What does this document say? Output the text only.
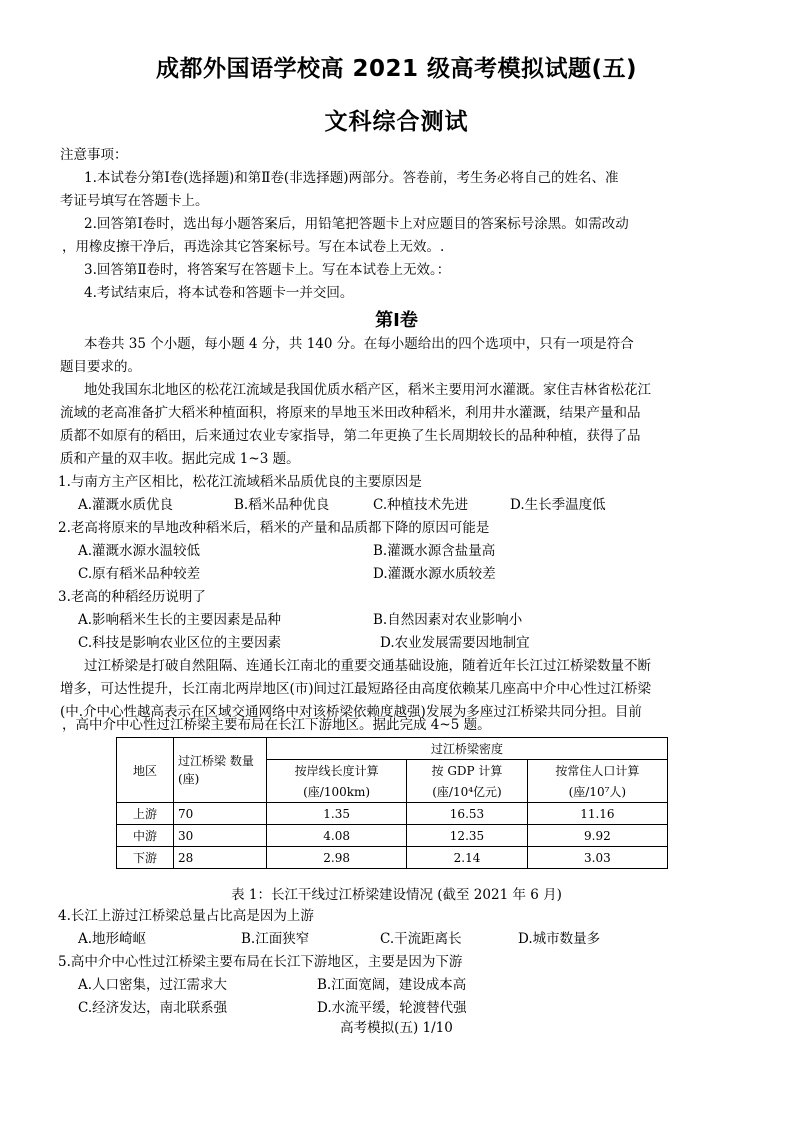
成都外国语学校高 2021 级高考模拟试题(五)
文科综合测试
注意事项：
1.本试卷分第Ⅰ卷(选择题)和第Ⅱ卷(非选择题)两部分。答卷前，考生务必将自己的姓名、准
考证号填写在答题卡上。
2.回答第Ⅰ卷时，选出每小题答案后，用铅笔把答题卡上对应题目的答案标号涂黑。如需改动
，用橡皮擦干净后，再选涂其它答案标号。写在本试卷上无效。.
3.回答第Ⅱ卷时，将答案写在答题卡上。写在本试卷上无效。：
4.考试结束后，将本试卷和答题卡一并交回。
第Ⅰ卷
本卷共 35 个小题，每小题 4 分，共 140 分。在每小题给出的四个选项中，只有一项是符合
题目要求的。
地处我国东北地区的松花江流域是我国优质水稻产区，稻米主要用河水灌溉。家住吉林省松花江
流域的老高准备扩大稻米种植面积，将原来的旱地玉米田改种稻米，利用井水灌溉，结果产量和品
质都不如原有的稻田，后来通过农业专家指导，第二年更换了生长周期较长的品种种植，获得了品
质和产量的双丰收。据此完成 1~3 题。
1.与南方主产区相比，松花江流域稻米品质优良的主要原因是
A.灌溉水质优良	B.稻米品种优良	C.种植技术先进	D.生长季温度低
2.老高将原来的旱地改种稻米后，稻米的产量和品质都下降的原因可能是
A.灌溉水源水温较低	B.灌溉水源含盐量高
C.原有稻米品种较差	D.灌溉水源水质较差
3.老高的种稻经历说明了
A.影响稻米生长的主要因素是品种	B.自然因素对农业影响小
C.科技是影响农业区位的主要因素	D.农业发展需要因地制宜
过江桥梁是打破自然阻隔、连通长江南北的重要交通基础设施，随着近年长江过江桥梁数量不断
增多，可达性提升，长江南北两岸地区(市)间过江最短路径由高度依赖某几座高中介中心性过江桥梁
(中.介中心性越高表示在区域交通网络中对该桥梁依赖度越强)发展为多座过江桥梁共同分担。目前
，高中介中心性过江桥梁主要布局在长江下游地区。据此完成 4~5 题。
地区	过江桥梁 数量(座)	过江桥梁密度		
		按岸线长度计算	按 GDP 计算	按常住人口计算
		(座/100km)	(座/10⁴亿元)	(座/10⁷人)
上游	70	1.35	16.53	11.16
中游	30	4.08	12.35	9.92
下游	28	2.98	2.14	3.03
表 1：长江干线过江桥梁建设情况 (截至 2021 年 6 月)
4.长江上游过江桥梁总量占比高是因为上游
A.地形崎岖	B.江面狭窄	C.干流距离长	D.城市数量多
5.高中介中心性过江桥梁主要布局在长江下游地区，主要是因为下游
A.人口密集，过江需求大	B.江面宽阔，建设成本高
C.经济发达，南北联系强	D.水流平缓，轮渡替代强
高考模拟(五) 1/10
